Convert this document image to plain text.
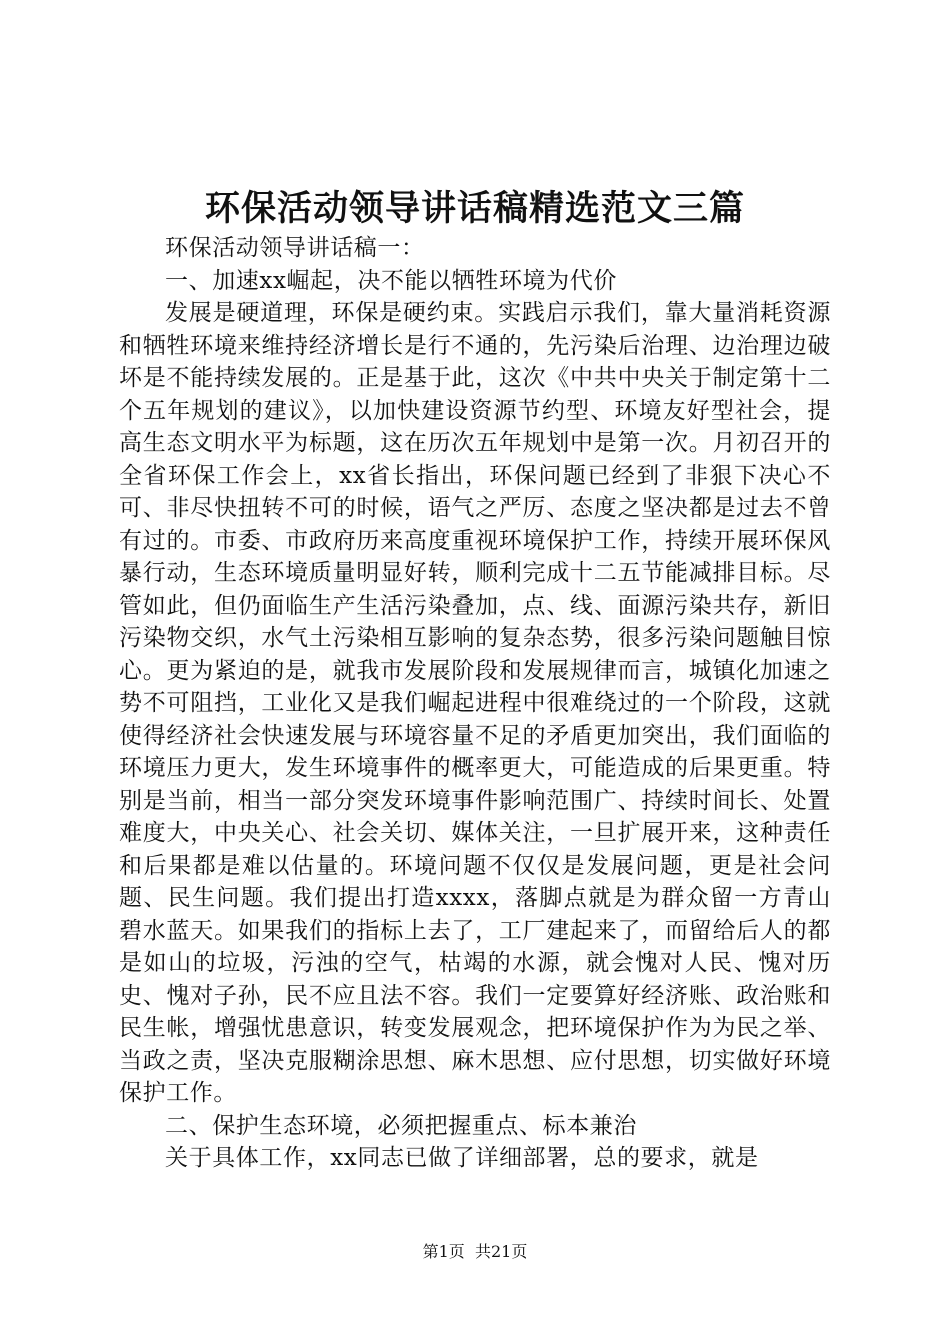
环保活动领导讲话稿精选范文三篇

环保活动领导讲话稿一：

一、加速xx崛起，决不能以牺牲环境为代价

发展是硬道理，环保是硬约束。实践启示我们，靠大量消耗资源和牺牲环境来维持经济增长是行不通的，先污染后治理、边治理边破坏是不能持续发展的。正是基于此，这次《中共中央关于制定第十二个五年规划的建议》，以加快建设资源节约型、环境友好型社会，提高生态文明水平为标题，这在历次五年规划中是第一次。月初召开的全省环保工作会上，xx省长指出，环保问题已经到了非狠下决心不可、非尽快扭转不可的时候，语气之严厉、态度之坚决都是过去不曾有过的。市委、市政府历来高度重视环境保护工作，持续开展环保风暴行动，生态环境质量明显好转，顺利完成十二五节能减排目标。尽管如此，但仍面临生产生活污染叠加，点、线、面源污染共存，新旧污染物交织，水气土污染相互影响的复杂态势，很多污染问题触目惊心。更为紧迫的是，就我市发展阶段和发展规律而言，城镇化加速之势不可阻挡，工业化又是我们崛起进程中很难绕过的一个阶段，这就使得经济社会快速发展与环境容量不足的矛盾更加突出，我们面临的环境压力更大，发生环境事件的概率更大，可能造成的后果更重。特别是当前，相当一部分突发环境事件影响范围广、持续时间长、处置难度大，中央关心、社会关切、媒体关注，一旦扩展开来，这种责任和后果都是难以估量的。环境问题不仅仅是发展问题，更是社会问题、民生问题。我们提出打造xxxx，落脚点就是为群众留一方青山碧水蓝天。如果我们的指标上去了，工厂建起来了，而留给后人的都是如山的垃圾，污浊的空气，枯竭的水源，就会愧对人民、愧对历史、愧对子孙，民不应且法不容。我们一定要算好经济账、政治账和民生帐，增强忧患意识，转变发展观念，把环境保护作为为民之举、当政之责，坚决克服糊涂思想、麻木思想、应付思想，切实做好环境保护工作。

二、保护生态环境，必须把握重点、标本兼治

关于具体工作，xx同志已做了详细部署，总的要求，就是

第1页 共21页
